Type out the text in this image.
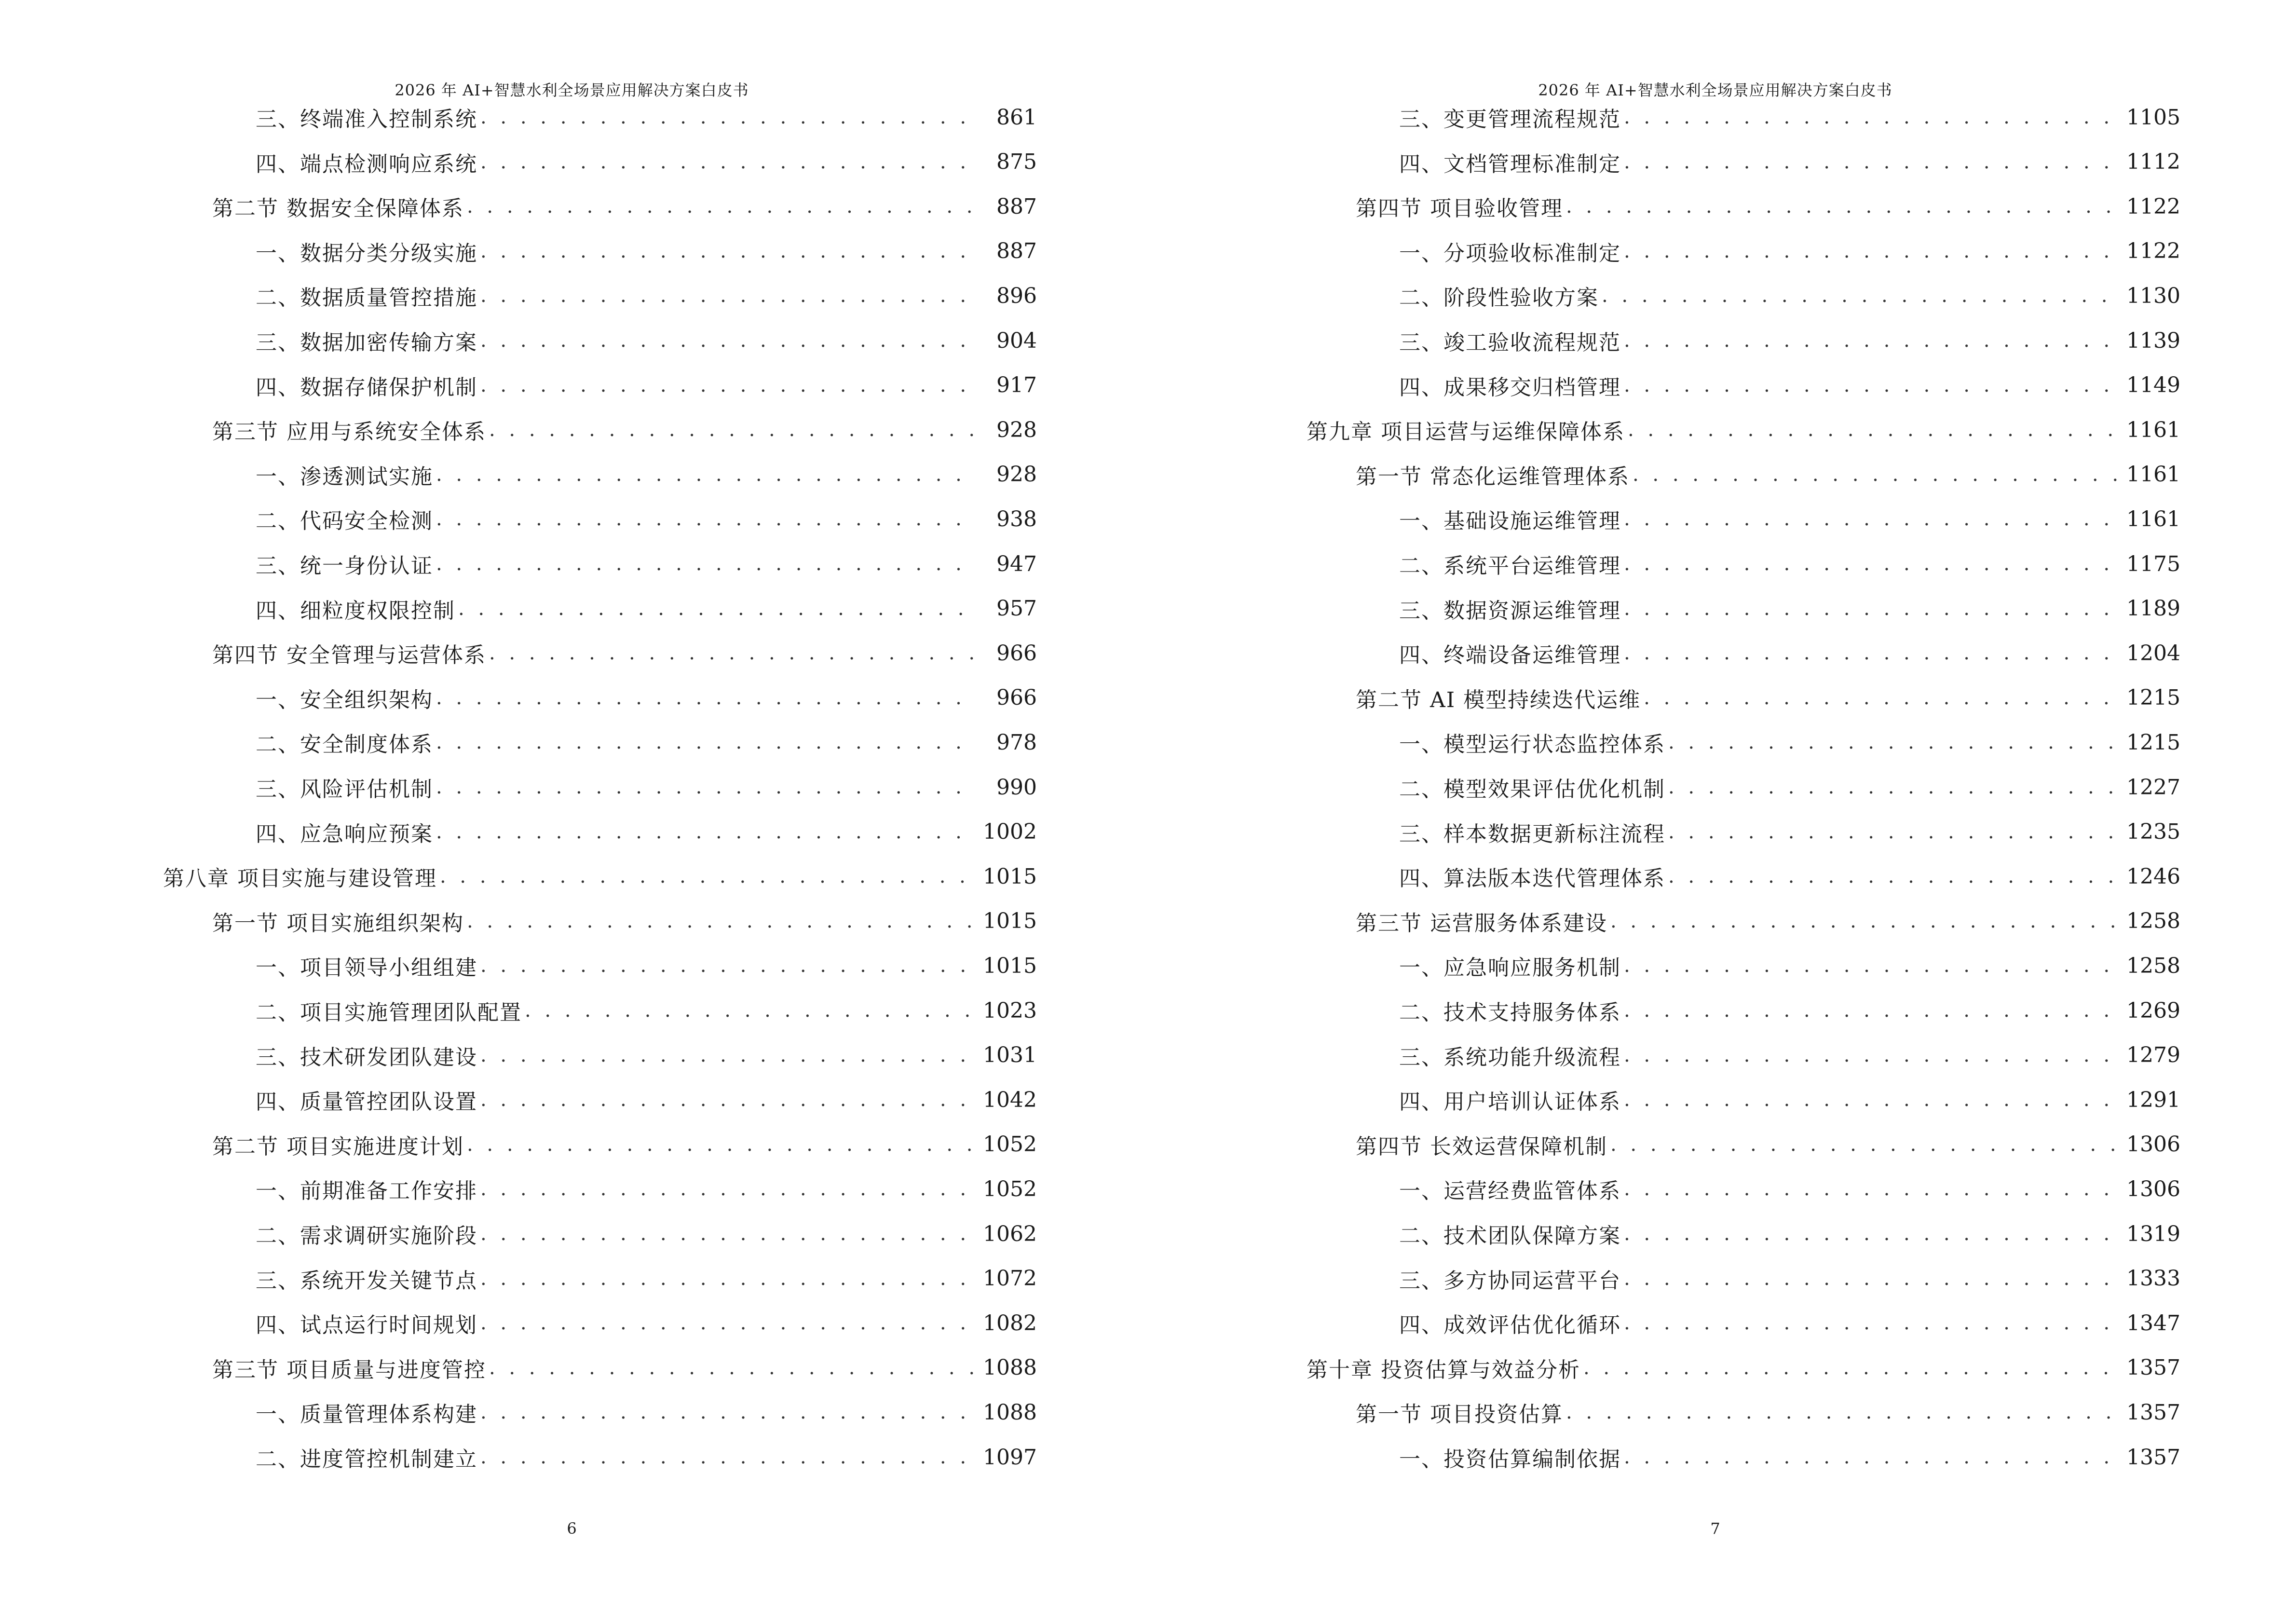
2026 年 AI+智慧水利全场景应用解决方案白皮书
三、终端准入控制系统 . . .	861
四、端点检测响应系统 . . .	875
第二节 数据安全保障体系 . . .	887
一、数据分类分级实施 . . .	887
二、数据质量管控措施 . . .	896
三、数据加密传输方案 . . .	904
四、数据存储保护机制 . . .	917
第三节 应用与系统安全体系 . . .	928
一、渗透测试实施 . . .	928
二、代码安全检测 . . .	938
三、统一身份认证 . . .	947
四、细粒度权限控制 . . .	957
第四节 安全管理与运营体系 . . .	966
一、安全组织架构 . . .	966
二、安全制度体系 . . .	978
三、风险评估机制 . . .	990
四、应急响应预案 . . .	1002
第八章 项目实施与建设管理 . . .	1015
第一节 项目实施组织架构 . . .	1015
一、项目领导小组组建 . . .	1015
二、项目实施管理团队配置 . . .	1023
三、技术研发团队建设 . . .	1031
四、质量管控团队设置 . . .	1042
第二节 项目实施进度计划 . . .	1052
一、前期准备工作安排 . . .	1052
二、需求调研实施阶段 . . .	1062
三、系统开发关键节点 . . .	1072
四、试点运行时间规划 . . .	1082
第三节 项目质量与进度管控 . . .	1088
一、质量管理体系构建 . . .	1088
二、进度管控机制建立 . . .	1097
6
2026 年 AI+智慧水利全场景应用解决方案白皮书
三、变更管理流程规范 . . .	1105
四、文档管理标准制定 . . .	1112
第四节 项目验收管理 . . .	1122
一、分项验收标准制定 . . .	1122
二、阶段性验收方案 . . .	1130
三、竣工验收流程规范 . . .	1139
四、成果移交归档管理 . . .	1149
第九章 项目运营与运维保障体系 . . .	1161
第一节 常态化运维管理体系 . . .	1161
一、基础设施运维管理 . . .	1161
二、系统平台运维管理 . . .	1175
三、数据资源运维管理 . . .	1189
四、终端设备运维管理 . . .	1204
第二节 AI 模型持续迭代运维 . . .	1215
一、模型运行状态监控体系 . . .	1215
二、模型效果评估优化机制 . . .	1227
三、样本数据更新标注流程 . . .	1235
四、算法版本迭代管理体系 . . .	1246
第三节 运营服务体系建设 . . .	1258
一、应急响应服务机制 . . .	1258
二、技术支持服务体系 . . .	1269
三、系统功能升级流程 . . .	1279
四、用户培训认证体系 . . .	1291
第四节 长效运营保障机制 . . .	1306
一、运营经费监管体系 . . .	1306
二、技术团队保障方案 . . .	1319
三、多方协同运营平台 . . .	1333
四、成效评估优化循环 . . .	1347
第十章 投资估算与效益分析 . . .	1357
第一节 项目投资估算 . . .	1357
一、投资估算编制依据 . . .	1357
7
